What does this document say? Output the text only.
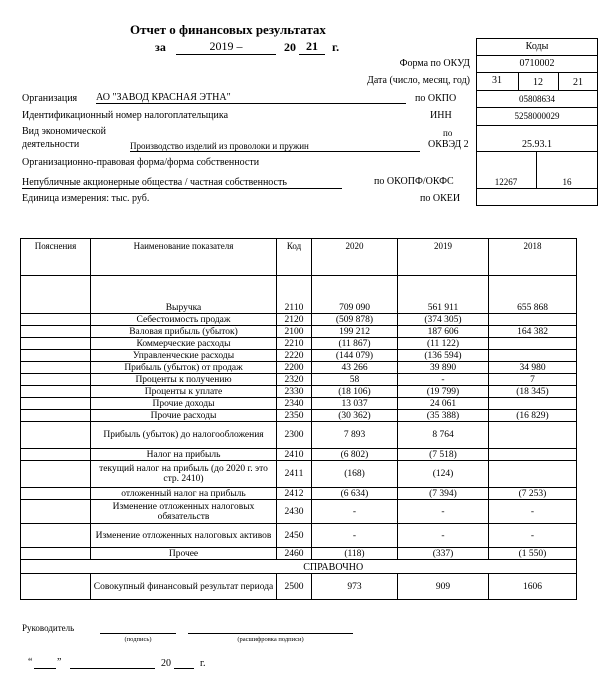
Отчет о финансовых результатах
за	2019 –	20 21	г.	Коды
Форма по ОКУД	0710002
Дата (число, месяц, год)	31	12	21
по ОКПО	05808634
ИНН	5258000029
по
ОКВЭД 2	25.93.1
по ОКОПФ/ОКФС	12267	16
по ОКЕИ
Организация АО "ЗАВОД КРАСНАЯ ЭТНА"
Идентификационный номер налогоплательщика
Вид экономической
деятельности	Производство изделий из проволоки и пружин
Организационно-правовая форма/форма собственности
Непубличные акционерные общества / частная собственность
Единица измерения: тыс. руб.
Пояснения	Наименование показателя	Код	2020	2019	2018
	Выручка	2110	709 090	561 911	655 868
	Себестоимость продаж	2120	(509 878)	(374 305)	
	Валовая прибыль (убыток)	2100	199 212	187 606	164 382
	Коммерческие расходы	2210	(11 867)	(11 122)	
	Управленческие расходы	2220	(144 079)	(136 594)	
	Прибыль (убыток) от продаж	2200	43 266	39 890	34 980
	Проценты к получению	2320	58	-	7
	Проценты к уплате	2330	(18 106)	(19 799)	(18 345)
	Прочие доходы	2340	13 037	24 061	
	Прочие расходы	2350	(30 362)	(35 388)	(16 829)
	Прибыль (убыток) до налогообложения	2300	7 893	8 764	
	Налог на прибыль	2410	(6 802)	(7 518)	
	текущий налог на прибыль (до 2020 г. это стр. 2410)	2411	(168)	(124)	
	отложенный налог на прибыль	2412	(6 634)	(7 394)	(7 253)
	Изменение отложенных налоговых обязательств	2430	-	-	-
	Изменение отложенных налоговых активов	2450	-	-	-
	Прочее	2460	(118)	(337)	(1 550)
	СПРАВОЧНО				
	Совокупный финансовый результат периода	2500	973	909	1606
Руководитель
(подпись)	(расшифровка подписи)
“ ”	20	г.
